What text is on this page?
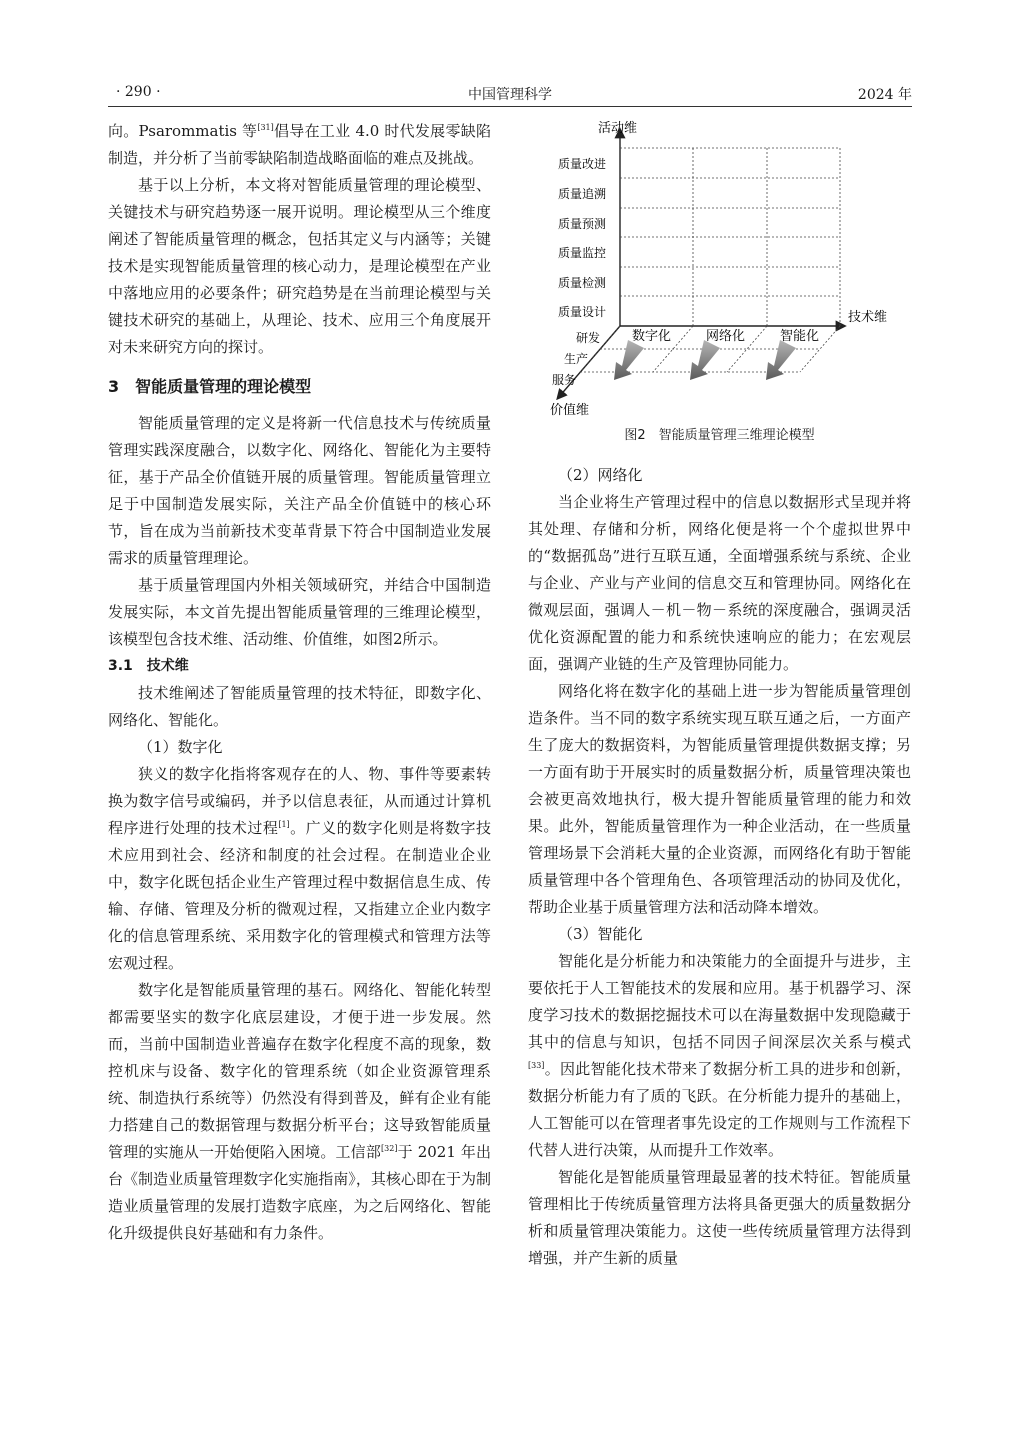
· 290 ·	中国管理科学	2024 年

向。Psarommatis 等[31]倡导在工业 4.0 时代发展零缺陷制造，并分析了当前零缺陷制造战略面临的难点及挑战。

基于以上分析，本文将对智能质量管理的理论模型、关键技术与研究趋势逐一展开说明。理论模型从三个维度阐述了智能质量管理的概念，包括其定义与内涵等；关键技术是实现智能质量管理的核心动力，是理论模型在产业中落地应用的必要条件；研究趋势是在当前理论模型与关键技术研究的基础上，从理论、技术、应用三个角度展开对未来研究方向的探讨。

3　智能质量管理的理论模型

智能质量管理的定义是将新一代信息技术与传统质量管理实践深度融合，以数字化、网络化、智能化为主要特征，基于产品全价值链开展的质量管理。智能质量管理立足于中国制造发展实际，关注产品全价值链中的核心环节，旨在成为当前新技术变革背景下符合中国制造业发展需求的质量管理理论。

基于质量管理国内外相关领域研究，并结合中国制造发展实际，本文首先提出智能质量管理的三维理论模型，该模型包含技术维、活动维、价值维，如图2所示。

3.1　技术维

技术维阐述了智能质量管理的技术特征，即数字化、网络化、智能化。

（1）数字化

狭义的数字化指将客观存在的人、物、事件等要素转换为数字信号或编码，并予以信息表征，从而通过计算机程序进行处理的技术过程[1]。广义的数字化则是将数字技术应用到社会、经济和制度的社会过程。在制造业企业中，数字化既包括企业生产管理过程中数据信息生成、传输、存储、管理及分析的微观过程，又指建立企业内数字化的信息管理系统、采用数字化的管理模式和管理方法等宏观过程。

数字化是智能质量管理的基石。网络化、智能化转型都需要坚实的数字化底层建设，才便于进一步发展。然而，当前中国制造业普遍存在数字化程度不高的现象，数控机床与设备、数字化的管理系统（如企业资源管理系统、制造执行系统等）仍然没有得到普及，鲜有企业有能力搭建自己的数据管理与数据分析平台；这导致智能质量管理的实施从一开始便陷入困境。工信部[32]于 2021 年出台《制造业质量管理数字化实施指南》，其核心即在于为制造业质量管理的发展打造数字底座，为之后网络化、智能化升级提供良好基础和有力条件。

活动维
技术维
价值维
质量改进
质量追溯
质量预测
质量监控
质量检测
质量设计
数字化	网络化	智能化
研发
生产
服务
图2　智能质量管理三维理论模型

（2）网络化

当企业将生产管理过程中的信息以数据形式呈现并将其处理、存储和分析，网络化便是将一个个虚拟世界中的“数据孤岛”进行互联互通，全面增强系统与系统、企业与企业、产业与产业间的信息交互和管理协同。网络化在微观层面，强调人－机－物－系统的深度融合，强调灵活优化资源配置的能力和系统快速响应的能力；在宏观层面，强调产业链的生产及管理协同能力。

网络化将在数字化的基础上进一步为智能质量管理创造条件。当不同的数字系统实现互联互通之后，一方面产生了庞大的数据资料，为智能质量管理提供数据支撑；另一方面有助于开展实时的质量数据分析，质量管理决策也会被更高效地执行，极大提升智能质量管理的能力和效果。此外，智能质量管理作为一种企业活动，在一些质量管理场景下会消耗大量的企业资源，而网络化有助于智能质量管理中各个管理角色、各项管理活动的协同及优化，帮助企业基于质量管理方法和活动降本增效。

（3）智能化

智能化是分析能力和决策能力的全面提升与进步，主要依托于人工智能技术的发展和应用。基于机器学习、深度学习技术的数据挖掘技术可以在海量数据中发现隐藏于其中的信息与知识，包括不同因子间深层次关系与模式[33]。因此智能化技术带来了数据分析工具的进步和创新，数据分析能力有了质的飞跃。在分析能力提升的基础上，人工智能可以在管理者事先设定的工作规则与工作流程下代替人进行决策，从而提升工作效率。

智能化是智能质量管理最显著的技术特征。智能质量管理相比于传统质量管理方法将具备更强大的质量数据分析和质量管理决策能力。这使一些传统质量管理方法得到增强，并产生新的质量
